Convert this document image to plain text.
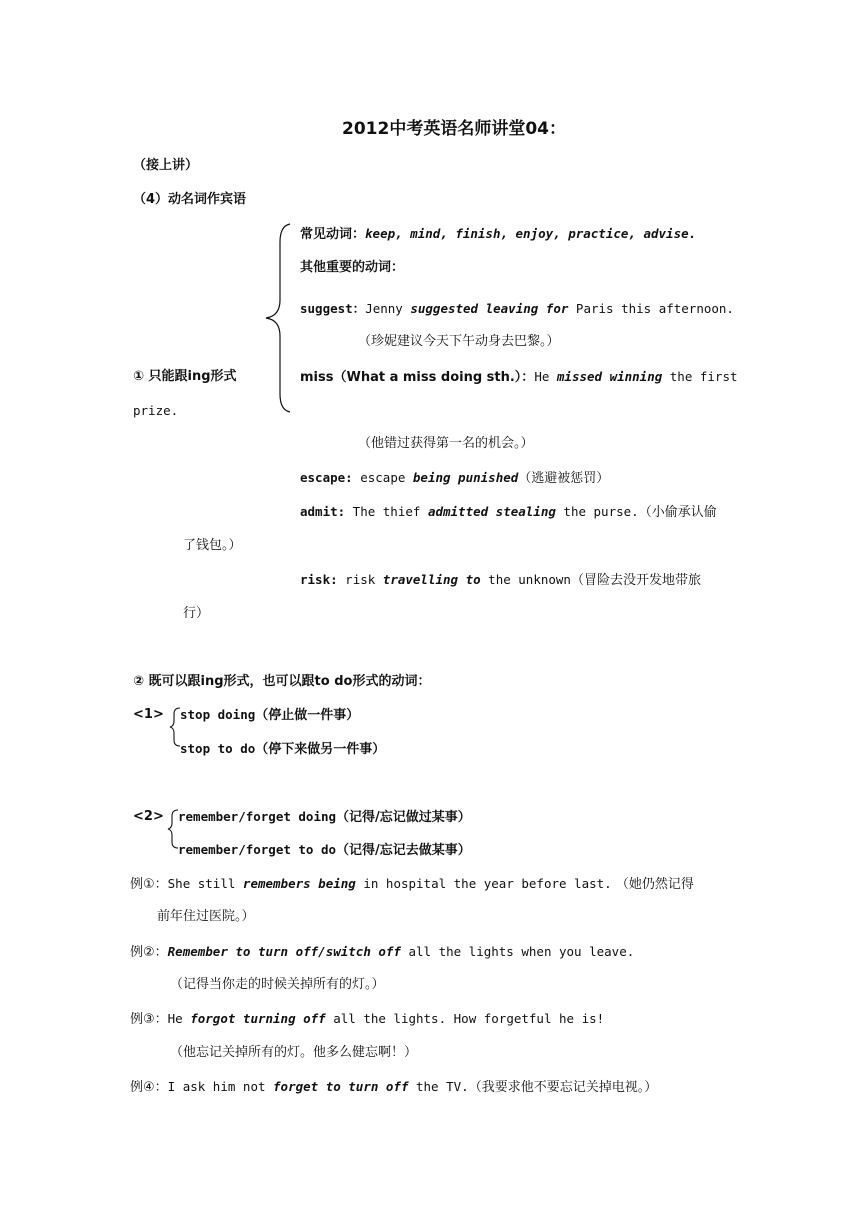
2012中考英语名师讲堂04：
（接上讲）
（4）动名词作宾语
常见动词：keep, mind, finish, enjoy, practice, advise.
其他重要的动词：
suggest：Jenny suggested leaving for Paris this afternoon.
（珍妮建议今天下午动身去巴黎。）
① 只能跟ing形式	miss（What a miss doing sth.）：He missed winning the first
prize.
（他错过获得第一名的机会。）
escape: escape being punished（逃避被惩罚）
admit: The thief admitted stealing the purse.（小偷承认偷
了钱包。）
risk: risk travelling to the unknown（冒险去没开发地带旅
行）
② 既可以跟ing形式，也可以跟to do形式的动词：
<1> stop doing（停止做一件事）
stop to do（停下来做另一件事）
<2> remember/forget doing（记得/忘记做过某事）
remember/forget to do（记得/忘记去做某事）
例①：She still remembers being in hospital the year before last. （她仍然记得
前年住过医院。）
例②：Remember to turn off/switch off all the lights when you leave.
（记得当你走的时候关掉所有的灯。）
例③：He forgot turning off all the lights. How forgetful he is!
（他忘记关掉所有的灯。他多么健忘啊！）
例④：I ask him not forget to turn off the TV.（我要求他不要忘记关掉电视。）
